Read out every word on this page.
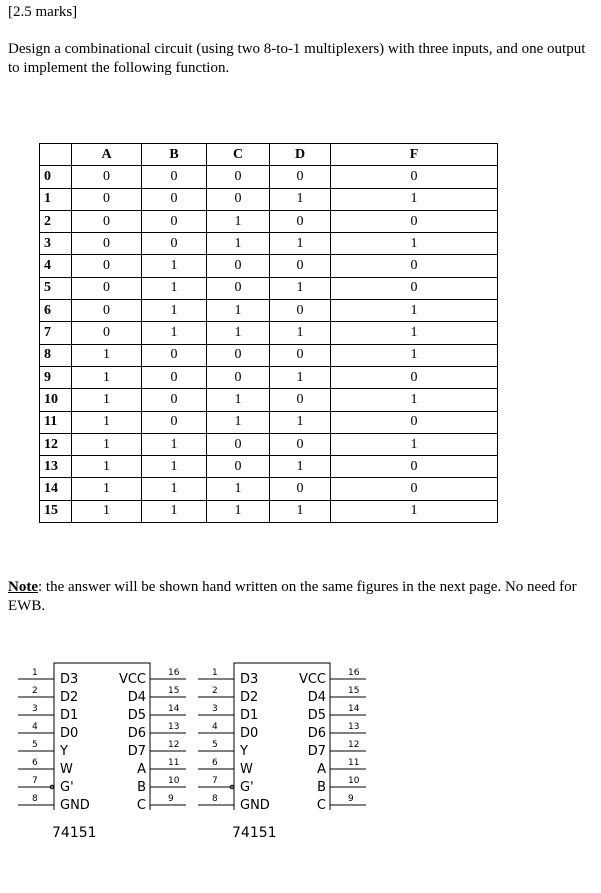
[2.5 marks]
Design a combinational circuit (using two 8-to-1 multiplexers) with three inputs, and one output to implement the following function.
	A	B	C	D	F
0	0	0	0	0	0
1	0	0	0	1	1
2	0	0	1	0	0
3	0	0	1	1	1
4	0	1	0	0	0
5	0	1	0	1	0
6	0	1	1	0	1
7	0	1	1	1	1
8	1	0	0	0	1
9	1	0	0	1	0
10	1	0	1	0	1
11	1	0	1	1	0
12	1	1	0	0	1
13	1	1	0	1	0
14	1	1	1	0	0
15	1	1	1	1	1
Note: the answer will be shown hand written on the same figures in the next page. No need for EWB.
1	16
D3	VCC
2	15
D2	D4
3	14
D1	D5
4	13
D0	D6
5	12
Y	D7
6	11
W	A
7	10
G'	B
8	9
GND	C
74151
1	16
D3	VCC
2	15
D2	D4
3	14
D1	D5
4	13
D0	D6
5	12
Y	D7
6	11
W	A
7	10
G'	B
8	9
GND	C
74151
